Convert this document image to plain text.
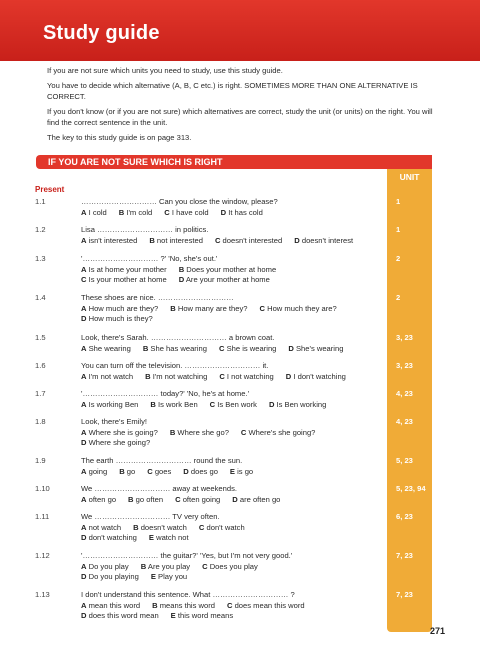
Study guide

If you are not sure which units you need to study, use this study guide.

You have to decide which alternative (A, B, C etc.) is right. SOMETIMES MORE THAN ONE ALTERNATIVE IS CORRECT.

If you don't know (or if you are not sure) which alternatives are correct, study the unit (or units) on the right. You will find the correct sentence in the unit.

The key to this study guide is on page 313.

UNIT
IF YOU ARE NOT SURE WHICH IS RIGHT
Present
1.1	………………………… Can you close the window, please?
A I cold B I'm cold C I have cold D It has cold
1
1.2	Lisa ………………………… in politics.
A isn't interested B not interested C doesn't interested D doesn't interest
1
1.3	'………………………… ?' 'No, she's out.'
A Is at home your mother B Does your mother at home
C Is your mother at home D Are your mother at home
2
1.4	These shoes are nice. …………………………
A How much are they? B How many are they? C How much they are?
D How much is they?
2
1.5	Look, there's Sarah. ………………………… a brown coat.
A She wearing B She has wearing C She is wearing D She's wearing
3, 23
1.6	You can turn off the television. ………………………… it.
A I'm not watch B I'm not watching C I not watching D I don't watching
3, 23
1.7	'………………………… today?' 'No, he's at home.'
A Is working Ben B Is work Ben C Is Ben work D Is Ben working
4, 23
1.8	Look, there's Emily!
A Where she is going? B Where she go? C Where's she going?
D Where she going?
4, 23
1.9	The earth ………………………… round the sun.
A going B go C goes D does go E is go
5, 23
1.10	We ………………………… away at weekends.
A often go B go often C often going D are often go
5, 23, 94
1.11	We ………………………… TV very often.
A not watch B doesn't watch C don't watch
D don't watching E watch not
6, 23
1.12	'………………………… the guitar?' 'Yes, but I'm not very good.'
A Do you play B Are you play C Does you play
D Do you playing E Play you
7, 23
1.13	I don't understand this sentence. What ………………………… ?
A mean this word B means this word C does mean this word
D does this word mean E this word means
7, 23
271
